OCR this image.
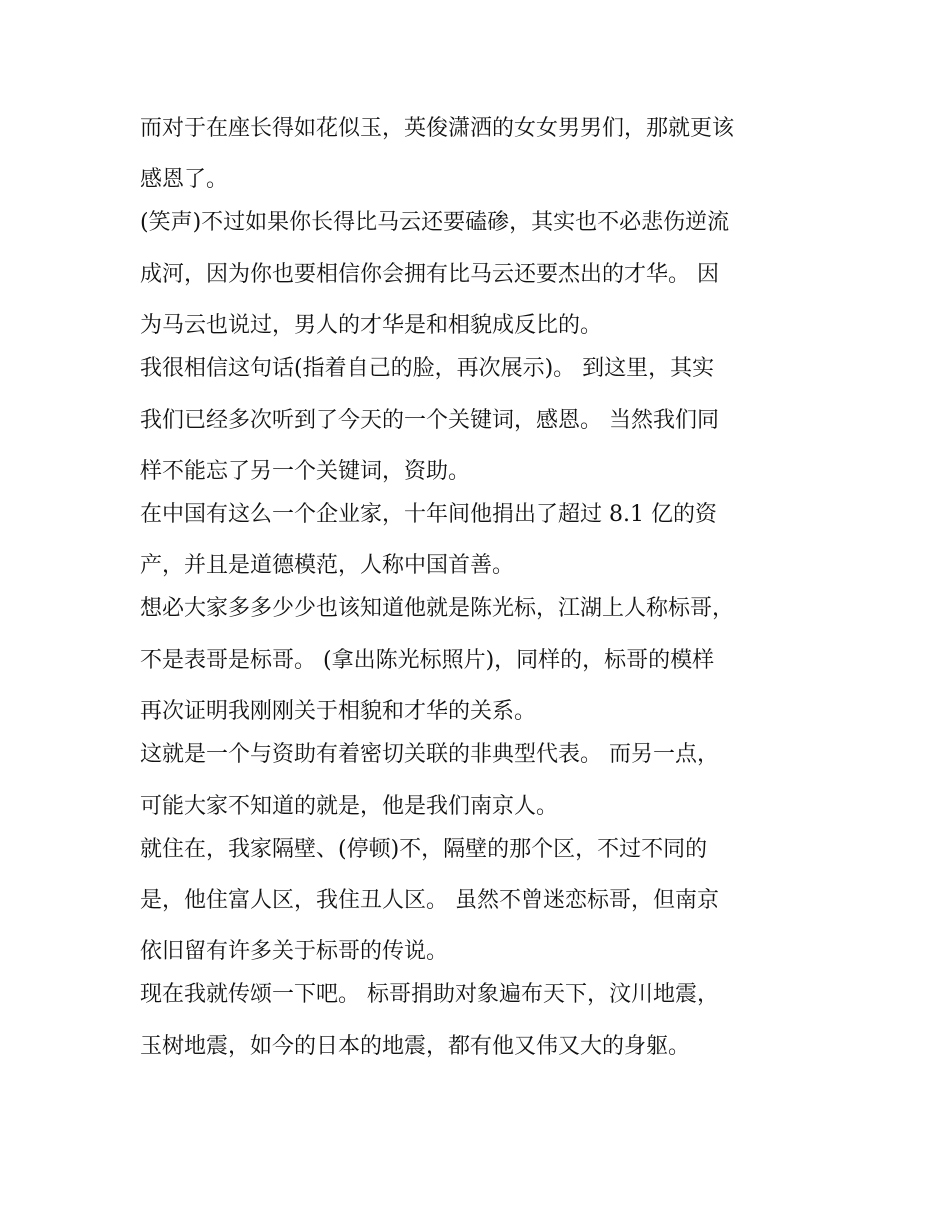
而对于在座长得如花似玉，英俊潇洒的女女男男们，那就更该
感恩了。
(笑声)不过如果你长得比马云还要磕碜，其实也不必悲伤逆流
成河，因为你也要相信你会拥有比马云还要杰出的才华。 因
为马云也说过，男人的才华是和相貌成反比的。
我很相信这句话(指着自己的脸，再次展示)。 到这里，其实
我们已经多次听到了今天的一个关键词，感恩。 当然我们同
样不能忘了另一个关键词，资助。
在中国有这么一个企业家，十年间他捐出了超过 8.1 亿的资
产，并且是道德模范，人称中国首善。
想必大家多多少少也该知道他就是陈光标，江湖上人称标哥，
不是表哥是标哥。 (拿出陈光标照片)，同样的，标哥的模样
再次证明我刚刚关于相貌和才华的关系。
这就是一个与资助有着密切关联的非典型代表。 而另一点，
可能大家不知道的就是，他是我们南京人。
就住在，我家隔壁、(停顿)不，隔壁的那个区，不过不同的
是，他住富人区，我住丑人区。 虽然不曾迷恋标哥，但南京
依旧留有许多关于标哥的传说。
现在我就传颂一下吧。 标哥捐助对象遍布天下，汶川地震，
玉树地震，如今的日本的地震，都有他又伟又大的身躯。
